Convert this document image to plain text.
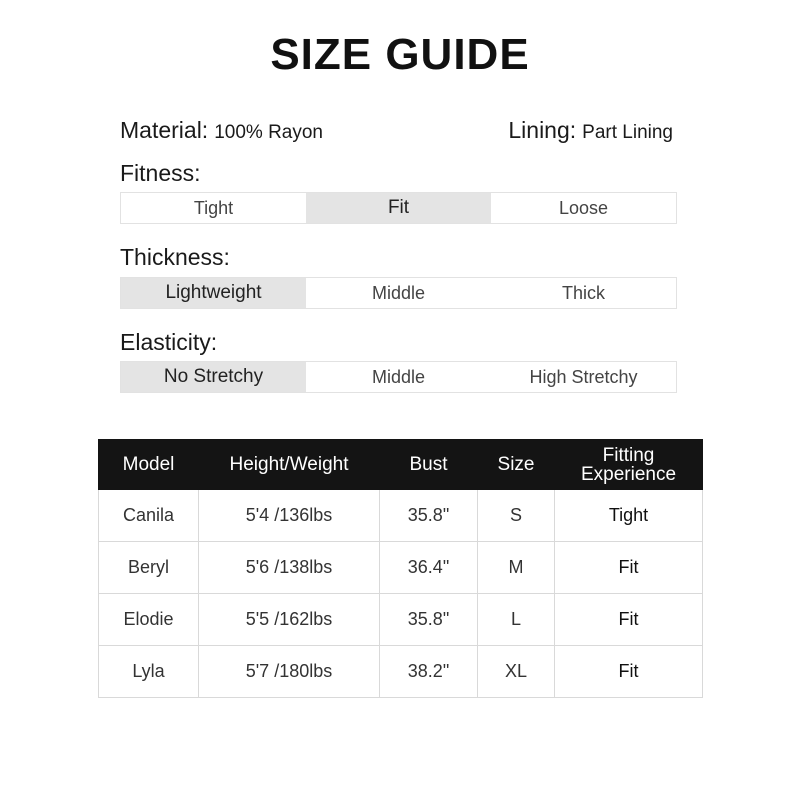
SIZE GUIDE
Material: 100% Rayon	Lining: Part Lining
Fitness:
Tight	Fit	Loose
Thickness:
Lightweight	Middle	Thick
Elasticity:
No Stretchy	Middle	High Stretchy
Model	Height/Weight	Bust	Size	Fitting Experience
Canila	5'4 /136lbs	35.8"	S	Tight
Beryl	5'6 /138lbs	36.4"	M	Fit
Elodie	5'5 /162lbs	35.8"	L	Fit
Lyla	5'7 /180lbs	38.2"	XL	Fit
